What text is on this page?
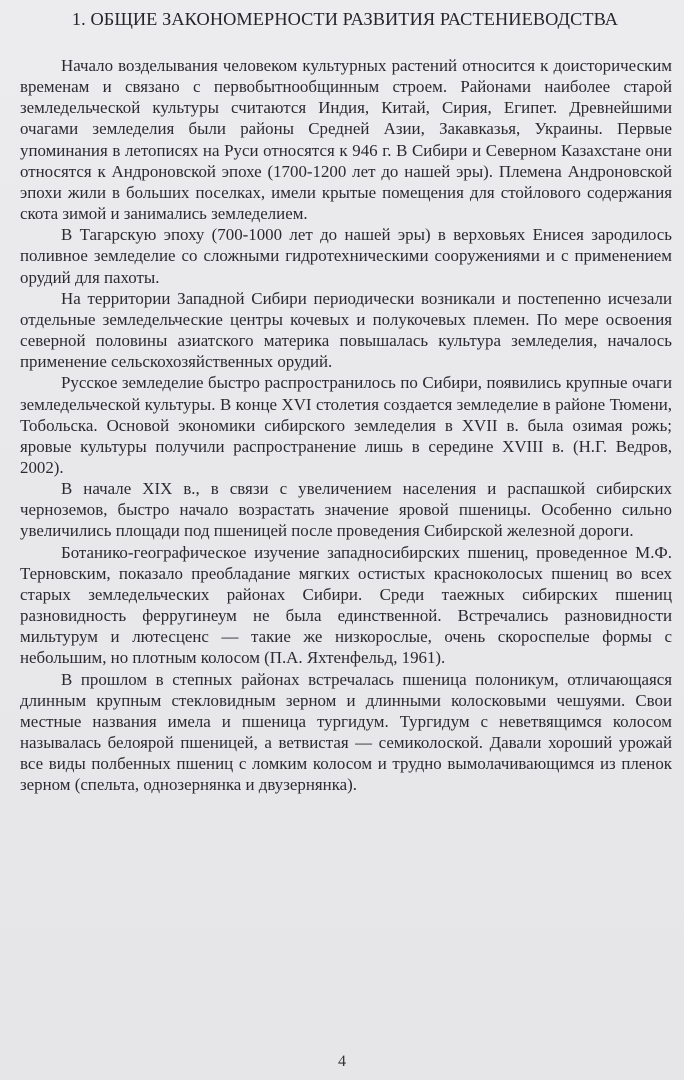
1. ОБЩИЕ ЗАКОНОМЕРНОСТИ РАЗВИТИЯ РАСТЕНИЕВОДСТВА

Начало возделывания человеком культурных растений относится к доисторическим временам и связано с первобытнообщинным строем. Районами наиболее старой земледельческой культуры считаются Индия, Китай, Сирия, Египет. Древнейшими очагами земледелия были районы Средней Азии, Закавказья, Украины. Первые упоминания в летописях на Руси относятся к 946 г. В Сибири и Северном Казахстане они относятся к Андроновской эпохе (1700-1200 лет до нашей эры). Племена Андроновской эпохи жили в больших поселках, имели крытые помещения для стойлового содержания скота зимой и занимались земледелием.

В Тагарскую эпоху (700-1000 лет до нашей эры) в верховьях Енисея зародилось поливное земледелие со сложными гидротехническими сооружениями и с применением орудий для пахоты.

На территории Западной Сибири периодически возникали и постепенно исчезали отдельные земледельческие центры кочевых и полукочевых племен. По мере освоения северной половины азиатского материка повышалась культура земледелия, началось применение сельскохозяйственных орудий.

Русское земледелие быстро распространилось по Сибири, появились крупные очаги земледельческой культуры. В конце XVI столетия создается земледелие в районе Тюмени, Тобольска. Основой экономики сибирского земледелия в XVII в. была озимая рожь; яровые культуры получили распространение лишь в середине XVIII в. (Н.Г. Ведров, 2002).

В начале XIX в., в связи с увеличением населения и распашкой сибирских черноземов, быстро начало возрастать значение яровой пшеницы. Особенно сильно увеличились площади под пшеницей после проведения Сибирской железной дороги.

Ботанико-географическое изучение западносибирских пшениц, проведенное М.Ф. Терновским, показало преобладание мягких остистых красноколосых пшениц во всех старых земледельческих районах Сибири. Среди таежных сибирских пшениц разновидность ферругинеум не была единственной. Встречались разновидности мильтурум и лютесценс — такие же низкорослые, очень скороспелые формы с небольшим, но плотным колосом (П.А. Яхтенфельд, 1961).

В прошлом в степных районах встречалась пшеница полоникум, отличающаяся длинным крупным стекловидным зерном и длинными колосковыми чешуями. Свои местные названия имела и пшеница тургидум. Тургидум с неветвящимся колосом называлась белоярой пшеницей, а ветвистая — семиколоской. Давали хороший урожай все виды полбенных пшениц с ломким колосом и трудно вымолачивающимся из пленок зерном (спельта, однозернянка и двузернянка).

4
